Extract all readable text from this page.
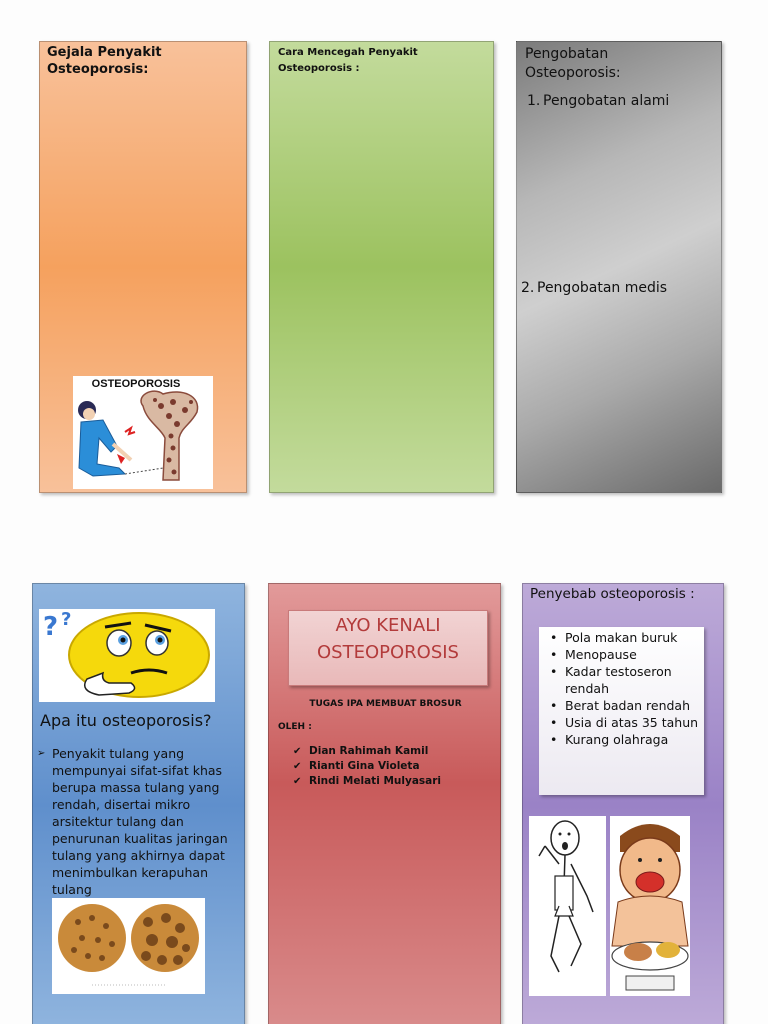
Gejala Penyakit
Osteoporosis:
OSTEOPOROSIS
Cara Mencegah Penyakit
Osteoporosis :
Pengobatan
Osteoporosis:
1. Pengobatan alami
2. Pengobatan medis
? ?
Apa itu osteoporosis?
➢ Penyakit tulang yang mempunyai sifat-sifat khas berupa massa tulang yang rendah, disertai mikro arsitektur tulang dan penurunan kualitas jaringan tulang yang akhirnya dapat menimbulkan kerapuhan tulang
AYO KENALI
OSTEOPOROSIS
TUGAS IPA MEMBUAT BROSUR
OLEH :
✔ Dian Rahimah Kamil
✔ Rianti Gina Violeta
✔ Rindi Melati Mulyasari
Penyebab osteoporosis :
• Pola makan buruk
• Menopause
• Kadar testoseron rendah
• Berat badan rendah
• Usia di atas 35 tahun
• Kurang olahraga
